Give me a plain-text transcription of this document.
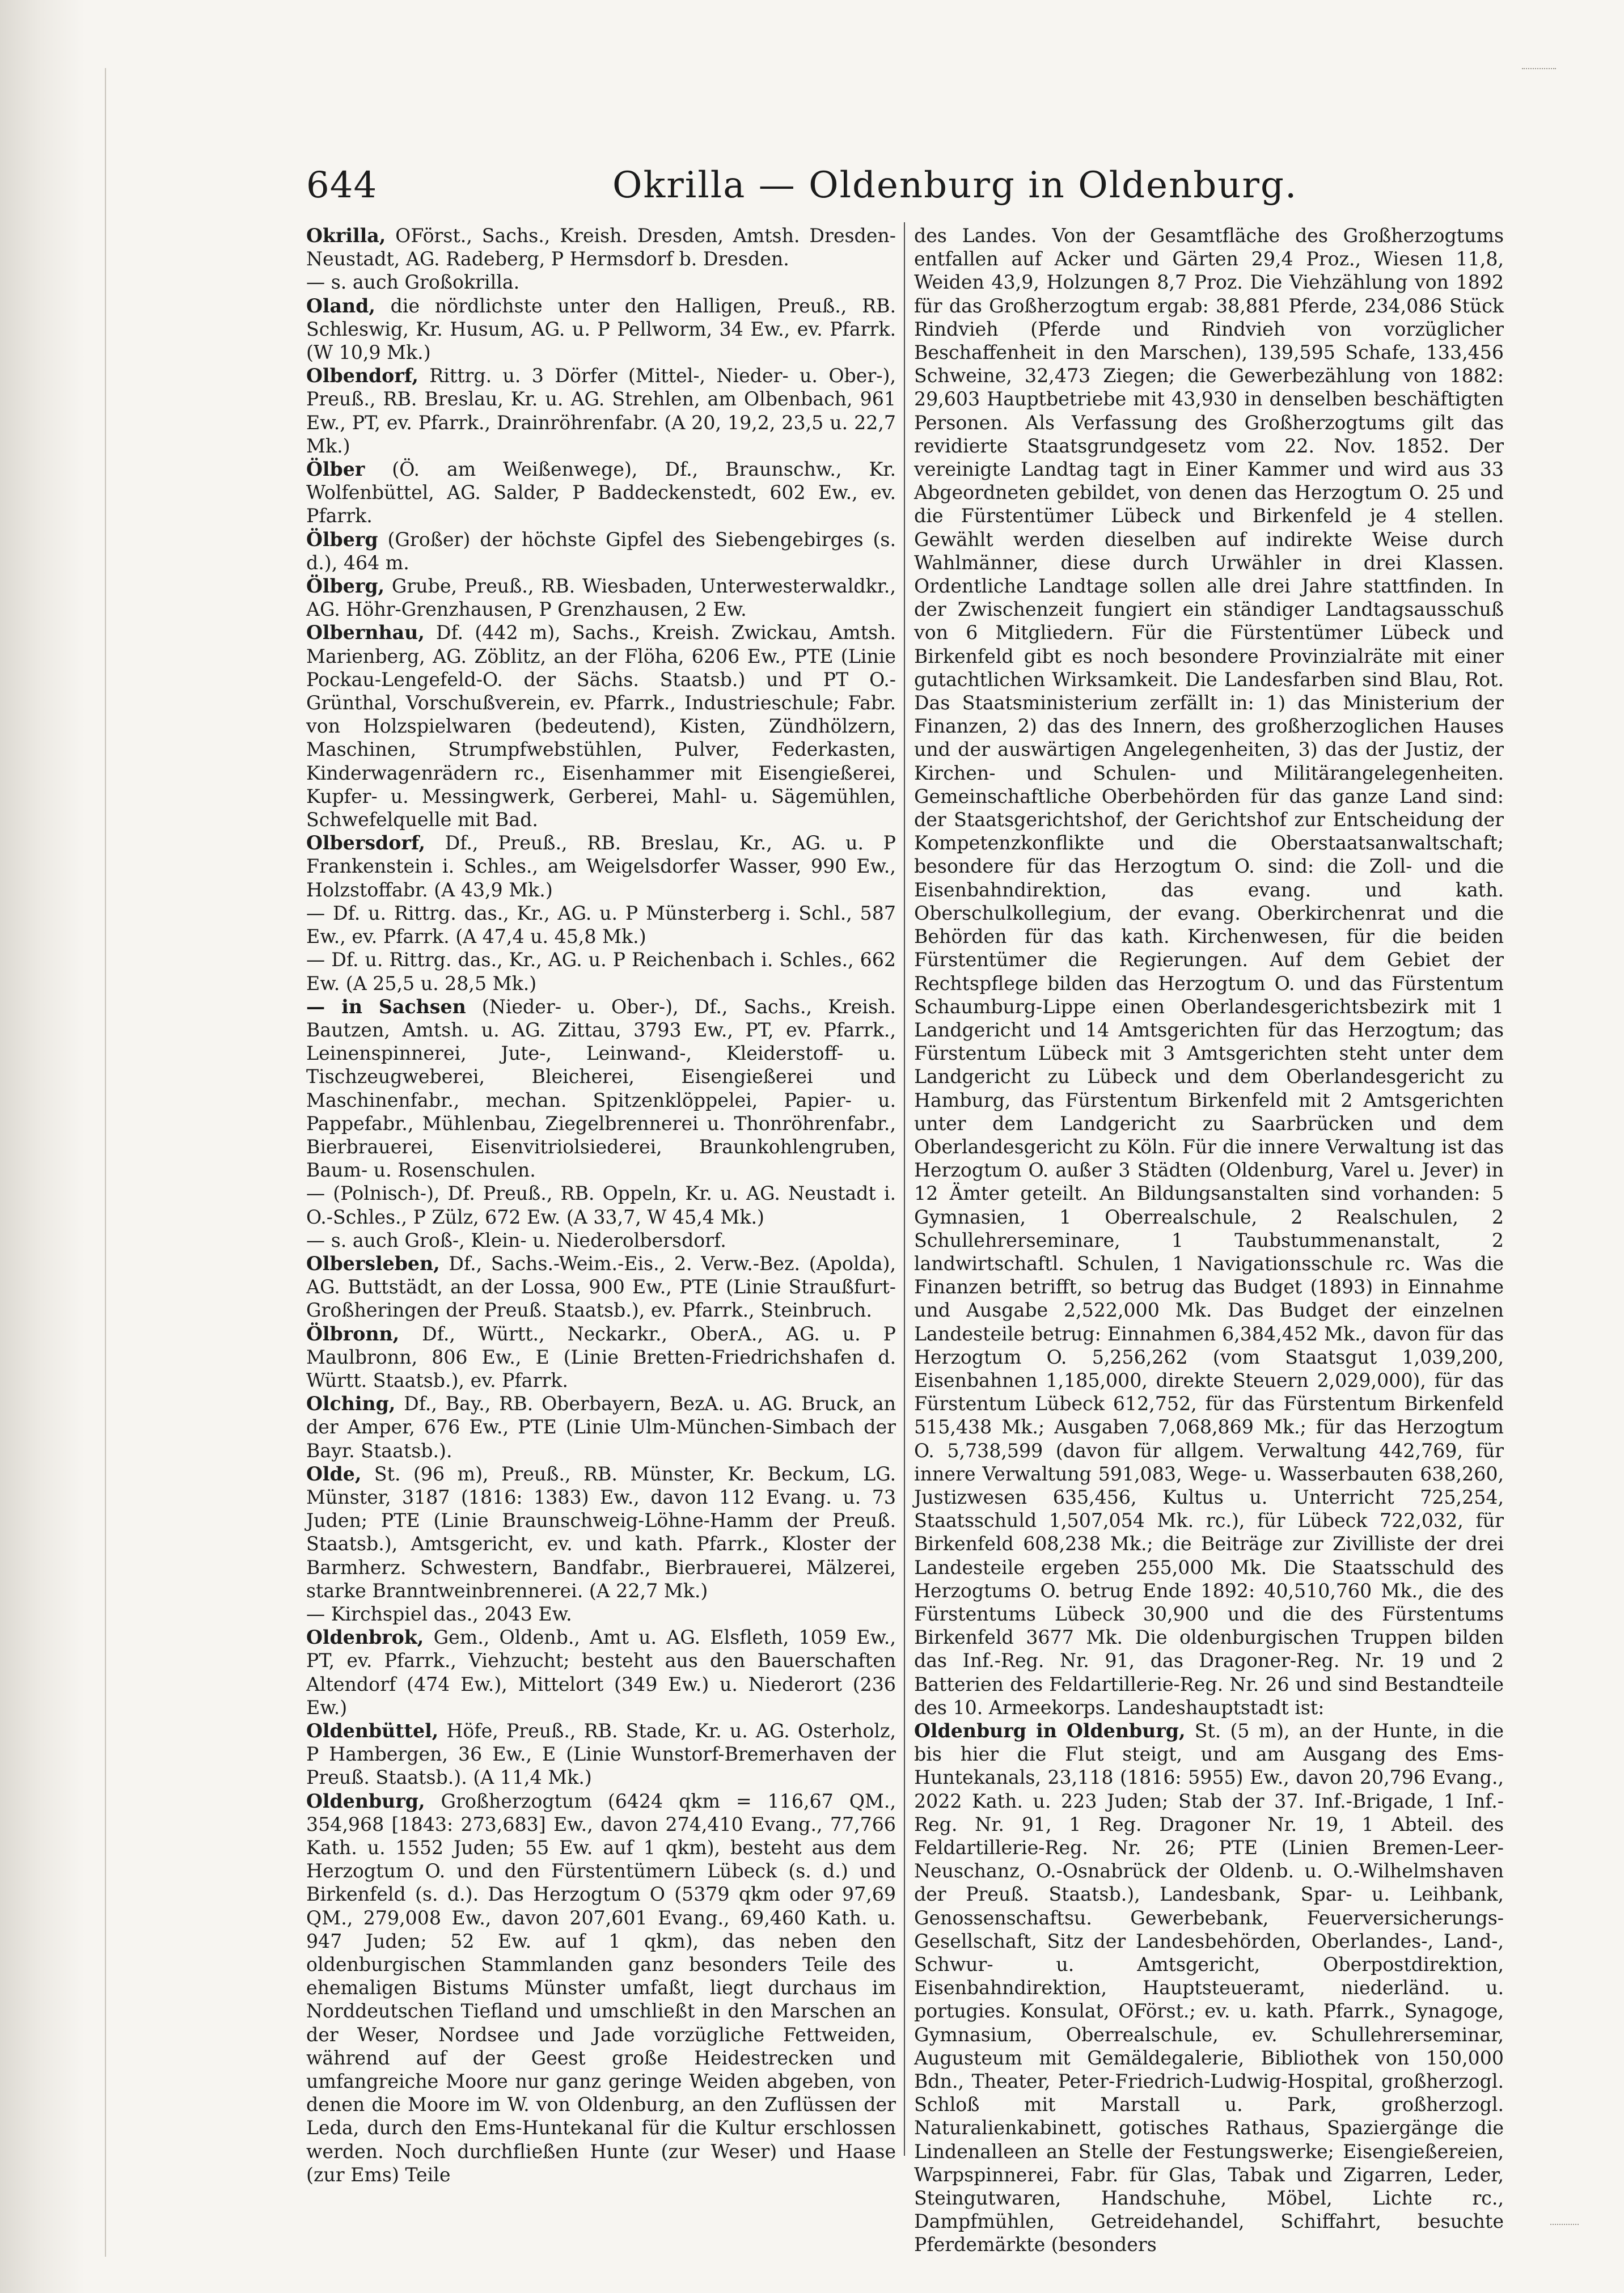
644	Okrilla — Oldenburg in Oldenburg.

Okrilla, OFörst., Sachs., Kreish. Dresden, Amtsh. Dresden-Neustadt, AG. Radeberg, P Hermsdorf b. Dresden.

— s. auch Großokrilla.

Oland, die nördlichste unter den Halligen, Preuß., RB. Schleswig, Kr. Husum, AG. u. P Pellworm, 34 Ew., ev. Pfarrk. (W 10,9 Mk.)

Olbendorf, Rittrg. u. 3 Dörfer (Mittel-, Nieder- u. Ober-), Preuß., RB. Breslau, Kr. u. AG. Strehlen, am Olbenbach, 961 Ew., PT, ev. Pfarrk., Drainröhrenfabr. (A 20, 19,2, 23,5 u. 22,7 Mk.)

Ölber (Ö. am Weißenwege), Df., Braunschw., Kr. Wolfenbüttel, AG. Salder, P Baddeckenstedt, 602 Ew., ev. Pfarrk.

Ölberg (Großer) der höchste Gipfel des Siebengebirges (s. d.), 464 m.

Ölberg, Grube, Preuß., RB. Wiesbaden, Unterwesterwaldkr., AG. Höhr-Grenzhausen, P Grenzhausen, 2 Ew.

Olbernhau, Df. (442 m), Sachs., Kreish. Zwickau, Amtsh. Marienberg, AG. Zöblitz, an der Flöha, 6206 Ew., PTE (Linie Pockau-Lengefeld-O. der Sächs. Staatsb.) und PT O.-Grünthal, Vorschußverein, ev. Pfarrk., Industrieschule; Fabr. von Holzspielwaren (bedeutend), Kisten, Zündhölzern, Maschinen, Strumpfwebstühlen, Pulver, Federkasten, Kinderwagenrädern rc., Eisenhammer mit Eisengießerei, Kupfer- u. Messingwerk, Gerberei, Mahl- u. Sägemühlen, Schwefelquelle mit Bad.

Olbersdorf, Df., Preuß., RB. Breslau, Kr., AG. u. P Frankenstein i. Schles., am Weigelsdorfer Wasser, 990 Ew., Holzstoffabr. (A 43,9 Mk.)

— Df. u. Rittrg. das., Kr., AG. u. P Münsterberg i. Schl., 587 Ew., ev. Pfarrk. (A 47,4 u. 45,8 Mk.)

— Df. u. Rittrg. das., Kr., AG. u. P Reichenbach i. Schles., 662 Ew. (A 25,5 u. 28,5 Mk.)

— in Sachsen (Nieder- u. Ober-), Df., Sachs., Kreish. Bautzen, Amtsh. u. AG. Zittau, 3793 Ew., PT, ev. Pfarrk., Leinenspinnerei, Jute-, Leinwand-, Kleiderstoff- u. Tischzeugweberei, Bleicherei, Eisengießerei und Maschinenfabr., mechan. Spitzenklöppelei, Papier- u. Pappefabr., Mühlenbau, Ziegelbrennerei u. Thonröhrenfabr., Bierbrauerei, Eisenvitriolsiederei, Braunkohlengruben, Baum- u. Rosenschulen.

— (Polnisch-), Df. Preuß., RB. Oppeln, Kr. u. AG. Neustadt i. O.-Schles., P Zülz, 672 Ew. (A 33,7, W 45,4 Mk.)

— s. auch Groß-, Klein- u. Niederolbersdorf.

Olbersleben, Df., Sachs.-Weim.-Eis., 2. Verw.-Bez. (Apolda), AG. Buttstädt, an der Lossa, 900 Ew., PTE (Linie Straußfurt-Großheringen der Preuß. Staatsb.), ev. Pfarrk., Steinbruch.

Ölbronn, Df., Württ., Neckarkr., OberA., AG. u. P Maulbronn, 806 Ew., E (Linie Bretten-Friedrichshafen d. Württ. Staatsb.), ev. Pfarrk.

Olching, Df., Bay., RB. Oberbayern, BezA. u. AG. Bruck, an der Amper, 676 Ew., PTE (Linie Ulm-München-Simbach der Bayr. Staatsb.).

Olde, St. (96 m), Preuß., RB. Münster, Kr. Beckum, LG. Münster, 3187 (1816: 1383) Ew., davon 112 Evang. u. 73 Juden; PTE (Linie Braunschweig-Löhne-Hamm der Preuß. Staatsb.), Amtsgericht, ev. und kath. Pfarrk., Kloster der Barmherz. Schwestern, Bandfabr., Bierbrauerei, Mälzerei, starke Branntweinbrennerei. (A 22,7 Mk.)

— Kirchspiel das., 2043 Ew.

Oldenbrok, Gem., Oldenb., Amt u. AG. Elsfleth, 1059 Ew., PT, ev. Pfarrk., Viehzucht; besteht aus den Bauerschaften Altendorf (474 Ew.), Mittelort (349 Ew.) u. Niederort (236 Ew.)

Oldenbüttel, Höfe, Preuß., RB. Stade, Kr. u. AG. Osterholz, P Hambergen, 36 Ew., E (Linie Wunstorf-Bremerhaven der Preuß. Staatsb.). (A 11,4 Mk.)

Oldenburg, Großherzogtum (6424 qkm = 116,67 QM., 354,968 [1843: 273,683] Ew., davon 274,410 Evang., 77,766 Kath. u. 1552 Juden; 55 Ew. auf 1 qkm), besteht aus dem Herzogtum O. und den Fürstentümern Lübeck (s. d.) und Birkenfeld (s. d.). Das Herzogtum O (5379 qkm oder 97,69 QM., 279,008 Ew., davon 207,601 Evang., 69,460 Kath. u. 947 Juden; 52 Ew. auf 1 qkm), das neben den oldenburgischen Stammlanden ganz besonders Teile des ehemaligen Bistums Münster umfaßt, liegt durchaus im Norddeutschen Tiefland und umschließt in den Marschen an der Weser, Nordsee und Jade vorzügliche Fettweiden, während auf der Geest große Heidestrecken und umfangreiche Moore nur ganz geringe Weiden abgeben, von denen die Moore im W. von Oldenburg, an den Zuflüssen der Leda, durch den Ems-Huntekanal für die Kultur erschlossen werden. Noch durchfließen Hunte (zur Weser) und Haase (zur Ems) Teile

des Landes. Von der Gesamtfläche des Großherzogtums entfallen auf Acker und Gärten 29,4 Proz., Wiesen 11,8, Weiden 43,9, Holzungen 8,7 Proz. Die Viehzählung von 1892 für das Großherzogtum ergab: 38,881 Pferde, 234,086 Stück Rindvieh (Pferde und Rindvieh von vorzüglicher Beschaffenheit in den Marschen), 139,595 Schafe, 133,456 Schweine, 32,473 Ziegen; die Gewerbezählung von 1882: 29,603 Hauptbetriebe mit 43,930 in denselben beschäftigten Personen. Als Verfassung des Großherzogtums gilt das revidierte Staatsgrundgesetz vom 22. Nov. 1852. Der vereinigte Landtag tagt in Einer Kammer und wird aus 33 Abgeordneten gebildet, von denen das Herzogtum O. 25 und die Fürstentümer Lübeck und Birkenfeld je 4 stellen. Gewählt werden dieselben auf indirekte Weise durch Wahlmänner, diese durch Urwähler in drei Klassen. Ordentliche Landtage sollen alle drei Jahre stattfinden. In der Zwischenzeit fungiert ein ständiger Landtagsausschuß von 6 Mitgliedern. Für die Fürstentümer Lübeck und Birkenfeld gibt es noch besondere Provinzialräte mit einer gutachtlichen Wirksamkeit. Die Landesfarben sind Blau, Rot. Das Staatsministerium zerfällt in: 1) das Ministerium der Finanzen, 2) das des Innern, des großherzoglichen Hauses und der auswärtigen Angelegenheiten, 3) das der Justiz, der Kirchen- und Schulen- und Militärangelegenheiten. Gemeinschaftliche Oberbehörden für das ganze Land sind: der Staatsgerichtshof, der Gerichtshof zur Entscheidung der Kompetenzkonflikte und die Oberstaatsanwaltschaft; besondere für das Herzogtum O. sind: die Zoll- und die Eisenbahndirektion, das evang. und kath. Oberschulkollegium, der evang. Oberkirchenrat und die Behörden für das kath. Kirchenwesen, für die beiden Fürstentümer die Regierungen. Auf dem Gebiet der Rechtspflege bilden das Herzogtum O. und das Fürstentum Schaumburg-Lippe einen Oberlandesgerichtsbezirk mit 1 Landgericht und 14 Amtsgerichten für das Herzogtum; das Fürstentum Lübeck mit 3 Amtsgerichten steht unter dem Landgericht zu Lübeck und dem Oberlandesgericht zu Hamburg, das Fürstentum Birkenfeld mit 2 Amtsgerichten unter dem Landgericht zu Saarbrücken und dem Oberlandesgericht zu Köln. Für die innere Verwaltung ist das Herzogtum O. außer 3 Städten (Oldenburg, Varel u. Jever) in 12 Ämter geteilt. An Bildungsanstalten sind vorhanden: 5 Gymnasien, 1 Oberrealschule, 2 Realschulen, 2 Schullehrerseminare, 1 Taubstummenanstalt, 2 landwirtschaftl. Schulen, 1 Navigationsschule rc. Was die Finanzen betrifft, so betrug das Budget (1893) in Einnahme und Ausgabe 2,522,000 Mk. Das Budget der einzelnen Landesteile betrug: Einnahmen 6,384,452 Mk., davon für das Herzogtum O. 5,256,262 (vom Staatsgut 1,039,200, Eisenbahnen 1,185,000, direkte Steuern 2,029,000), für das Fürstentum Lübeck 612,752, für das Fürstentum Birkenfeld 515,438 Mk.; Ausgaben 7,068,869 Mk.; für das Herzogtum O. 5,738,599 (davon für allgem. Verwaltung 442,769, für innere Verwaltung 591,083, Wege- u. Wasserbauten 638,260, Justizwesen 635,456, Kultus u. Unterricht 725,254, Staatsschuld 1,507,054 Mk. rc.), für Lübeck 722,032, für Birkenfeld 608,238 Mk.; die Beiträge zur Zivilliste der drei Landesteile ergeben 255,000 Mk. Die Staatsschuld des Herzogtums O. betrug Ende 1892: 40,510,760 Mk., die des Fürstentums Lübeck 30,900 und die des Fürstentums Birkenfeld 3677 Mk. Die oldenburgischen Truppen bilden das Inf.-Reg. Nr. 91, das Dragoner-Reg. Nr. 19 und 2 Batterien des Feldartillerie-Reg. Nr. 26 und sind Bestandteile des 10. Armeekorps. Landeshauptstadt ist:

Oldenburg in Oldenburg, St. (5 m), an der Hunte, in die bis hier die Flut steigt, und am Ausgang des Ems-Huntekanals, 23,118 (1816: 5955) Ew., davon 20,796 Evang., 2022 Kath. u. 223 Juden; Stab der 37. Inf.-Brigade, 1 Inf.-Reg. Nr. 91, 1 Reg. Dragoner Nr. 19, 1 Abteil. des Feldartillerie-Reg. Nr. 26; PTE (Linien Bremen-Leer-Neuschanz, O.-Osnabrück der Oldenb. u. O.-Wilhelmshaven der Preuß. Staatsb.), Landesbank, Spar- u. Leihbank, Genossenschaftsu. Gewerbebank, Feuerversicherungs-Gesellschaft, Sitz der Landesbehörden, Oberlandes-, Land-, Schwur- u. Amtsgericht, Oberpostdirektion, Eisenbahndirektion, Hauptsteueramt, niederländ. u. portugies. Konsulat, OFörst.; ev. u. kath. Pfarrk., Synagoge, Gymnasium, Oberrealschule, ev. Schullehrerseminar, Augusteum mit Gemäldegalerie, Bibliothek von 150,000 Bdn., Theater, Peter-Friedrich-Ludwig-Hospital, großherzogl. Schloß mit Marstall u. Park, großherzogl. Naturalienkabinett, gotisches Rathaus, Spaziergänge die Lindenalleen an Stelle der Festungswerke; Eisengießereien, Warpspinnerei, Fabr. für Glas, Tabak und Zigarren, Leder, Steingutwaren, Handschuhe, Möbel, Lichte rc., Dampfmühlen, Getreidehandel, Schiffahrt, besuchte Pferdemärkte (besonders
